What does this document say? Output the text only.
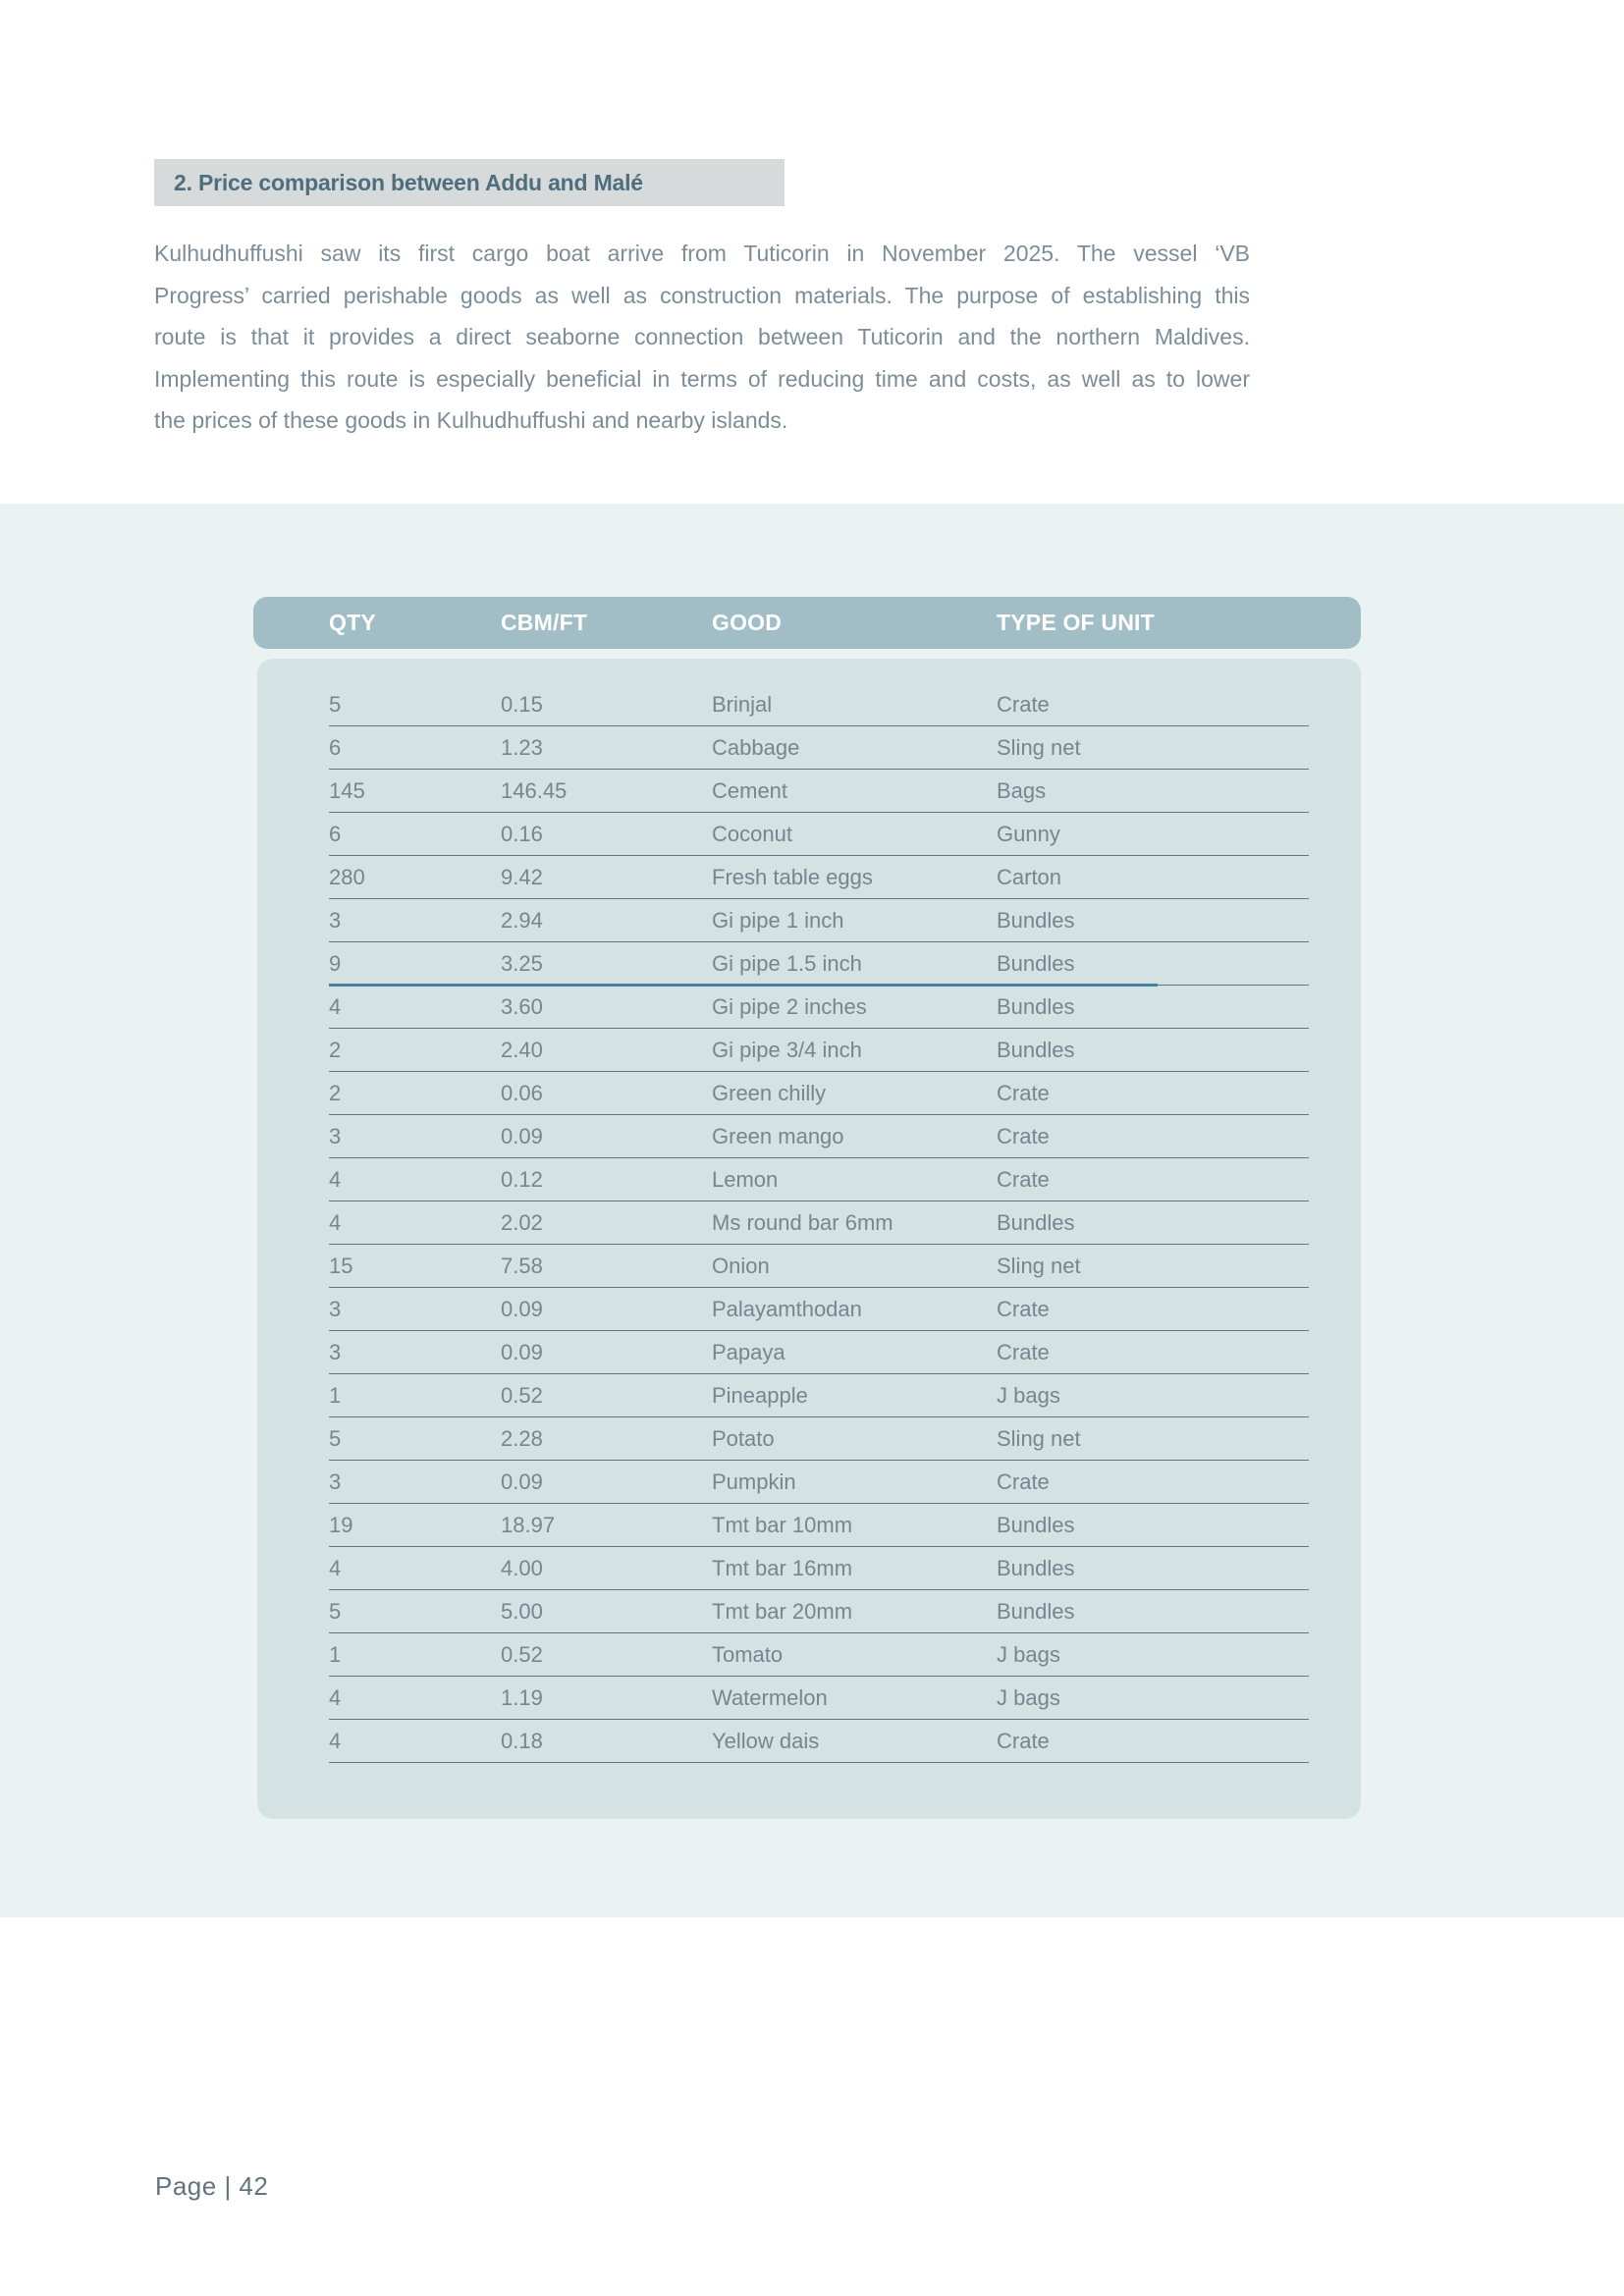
2. Price comparison between Addu and Malé
Kulhudhuffushi saw its first cargo boat arrive from Tuticorin in November 2025. The vessel ‘VB
Progress’ carried perishable goods as well as construction materials. The purpose of establishing this
route is that it provides a direct seaborne connection between Tuticorin and the northern Maldives.
Implementing this route is especially beneficial in terms of reducing time and costs, as well as to lower
the prices of these goods in Kulhudhuffushi and nearby islands.
QTY	CBM/FT	GOOD	TYPE OF UNIT
5	0.15	Brinjal	Crate
6	1.23	Cabbage	Sling net
145	146.45	Cement	Bags
6	0.16	Coconut	Gunny
280	9.42	Fresh table eggs	Carton
3	2.94	Gi pipe 1 inch	Bundles
9	3.25	Gi pipe 1.5 inch	Bundles
4	3.60	Gi pipe 2 inches	Bundles
2	2.40	Gi pipe 3/4 inch	Bundles
2	0.06	Green chilly	Crate
3	0.09	Green mango	Crate
4	0.12	Lemon	Crate
4	2.02	Ms round bar 6mm	Bundles
15	7.58	Onion	Sling net
3	0.09	Palayamthodan	Crate
3	0.09	Papaya	Crate
1	0.52	Pineapple	J bags
5	2.28	Potato	Sling net
3	0.09	Pumpkin	Crate
19	18.97	Tmt bar 10mm	Bundles
4	4.00	Tmt bar 16mm	Bundles
5	5.00	Tmt bar 20mm	Bundles
1	0.52	Tomato	J bags
4	1.19	Watermelon	J bags
4	0.18	Yellow dais	Crate
Page | 42
